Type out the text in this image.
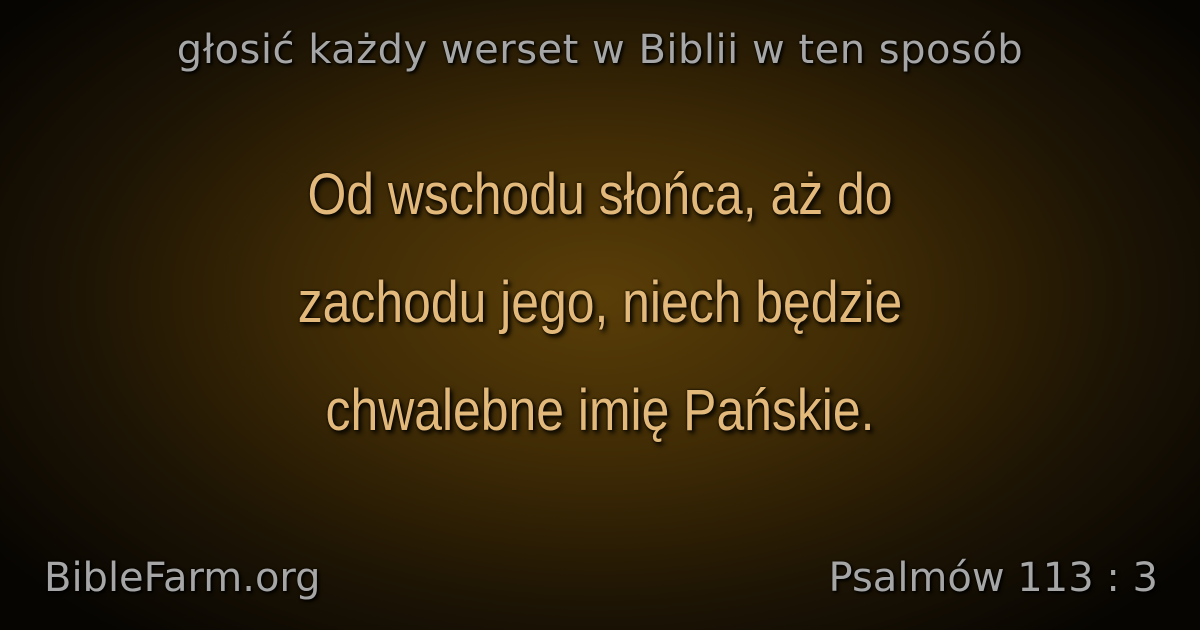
głosić każdy werset w Biblii w ten sposób
Od wschodu słońca, aż do
zachodu jego, niech będzie
chwalebne imię Pańskie.
BibleFarm.org	Psalmów 113 : 3
